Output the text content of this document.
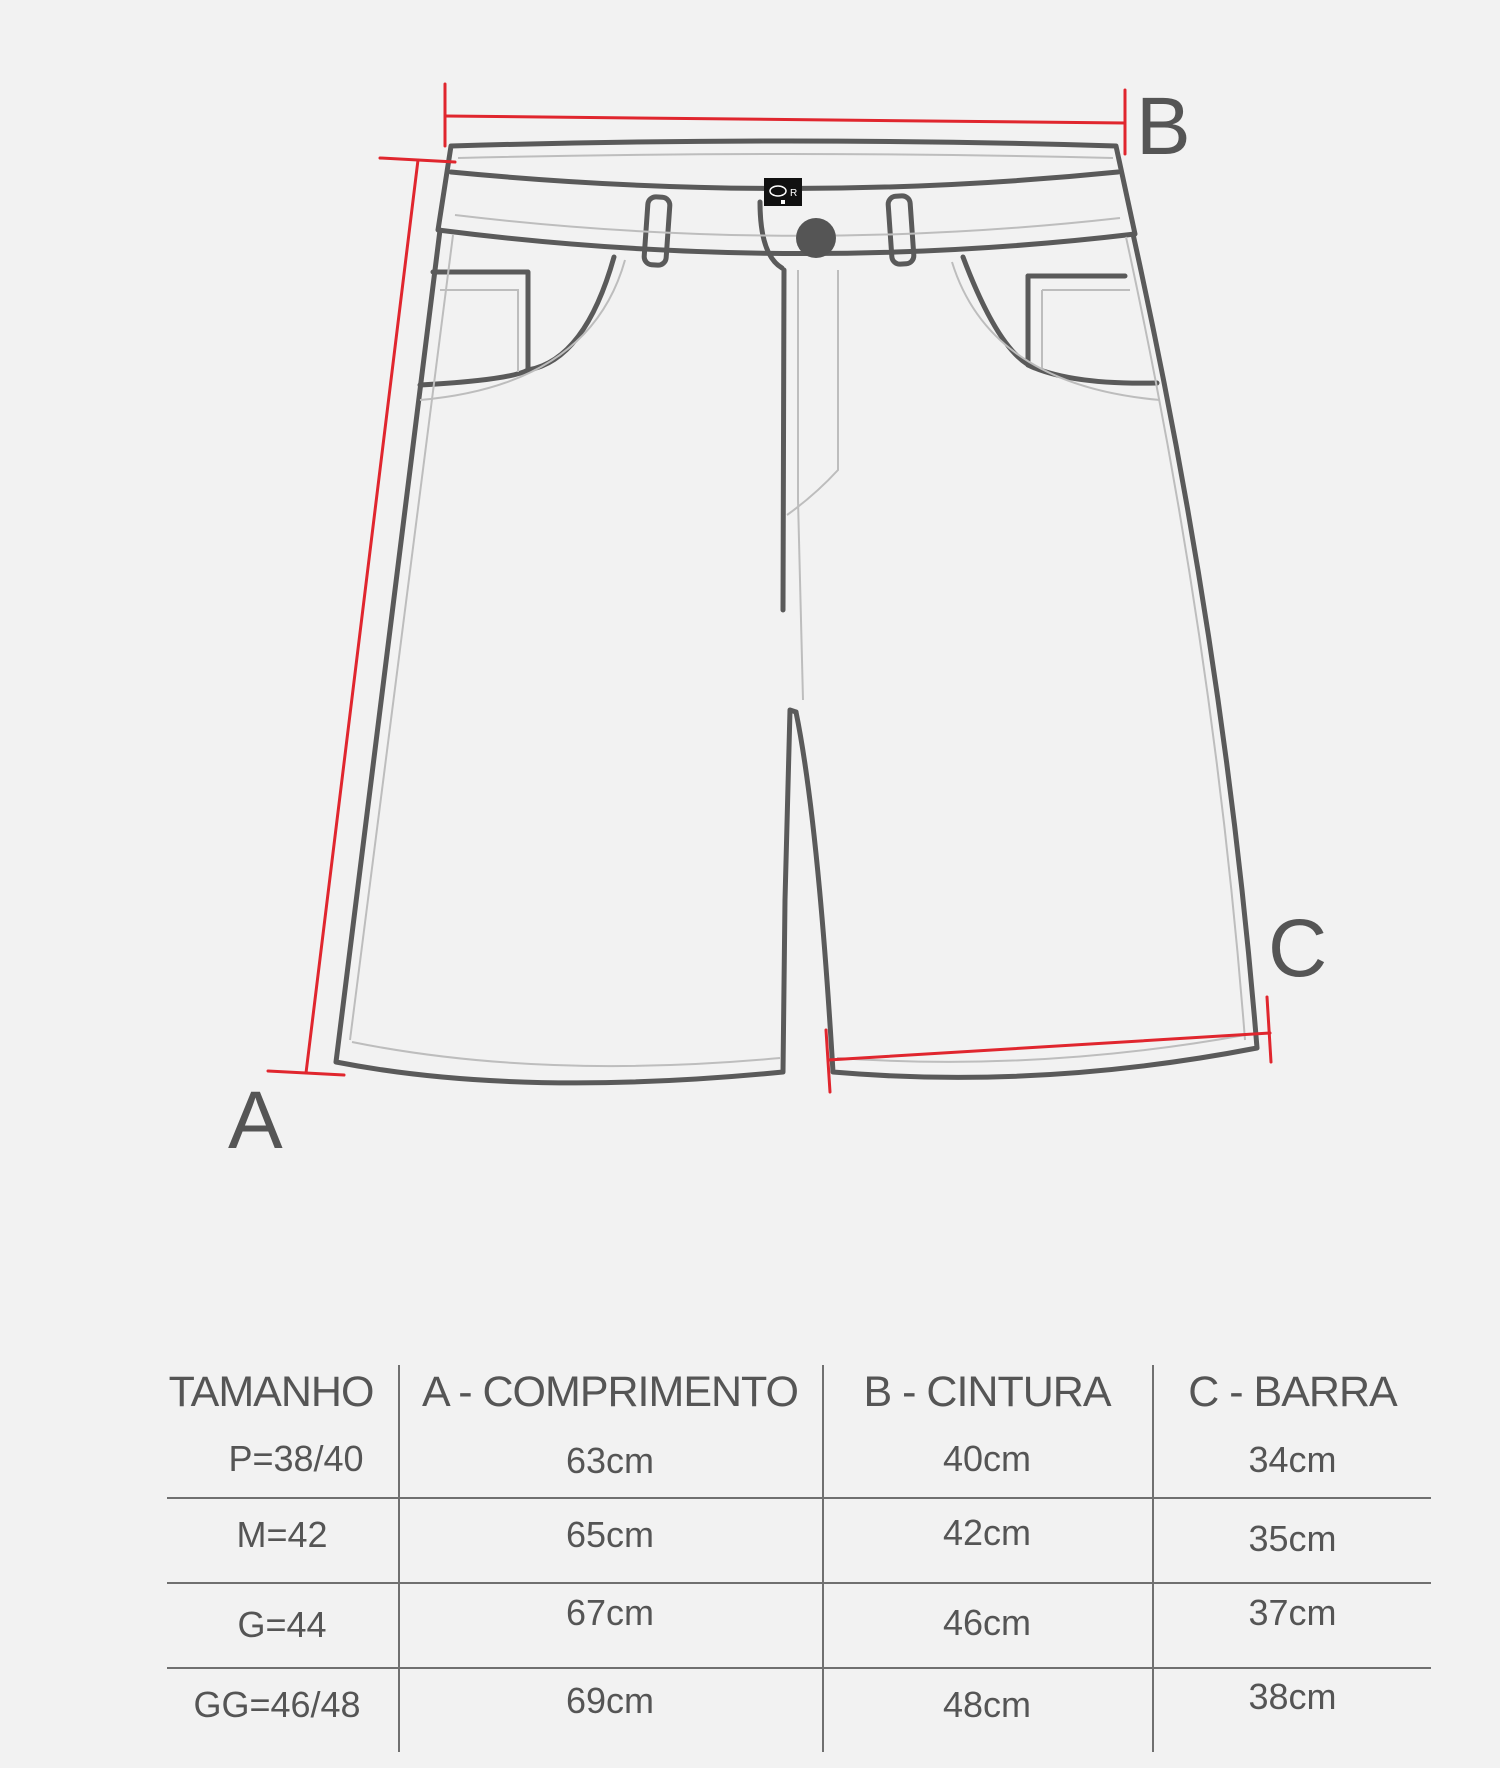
R
A
B
C
TAMANHO	A - COMPRIMENTO	B - CINTURA	C - BARRA
P=38/40	63cm	40cm	34cm
M=42	65cm	42cm	35cm
G=44	67cm	46cm	37cm
GG=46/48	69cm	48cm	38cm
